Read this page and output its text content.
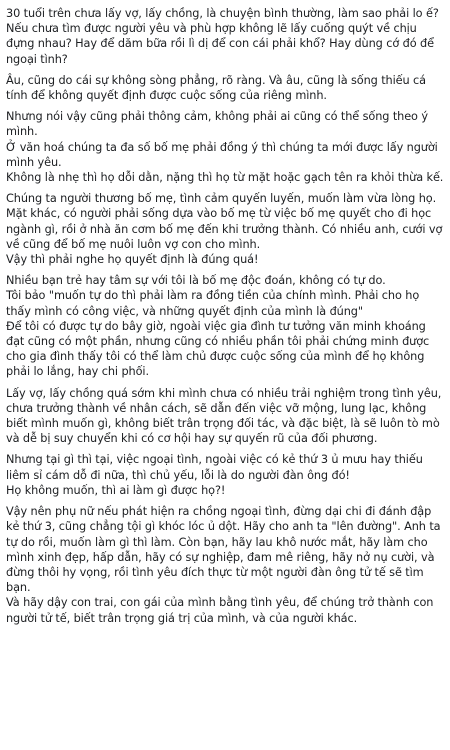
30 tuổi trên chưa lấy vợ, lấy chồng, là chuyện bình thường, làm sao phải lo ế? Nếu chưa tìm được người yêu và phù hợp không lẽ lấy cuống quýt về chịu đựng nhau? Hay để dăm bữa rồi lì dị để con cái phải khổ? Hay dùng cớ đó để ngoại tình?

Âu, cũng do cái sự không sòng phẳng, rõ ràng. Và âu, cũng là sống thiếu cá tính để không quyết định được cuộc sống của riêng mình.

Nhưng nói vậy cũng phải thông cảm, không phải ai cũng có thể sống theo ý mình.
Ở văn hoá chúng ta đa số bố mẹ phải đồng ý thì chúng ta mới được lấy người mình yêu.

Không là nhẹ thì họ dỗi dằn, nặng thì họ từ mặt hoặc gạch tên ra khỏi thừa kế.

Chúng ta người thương bố mẹ, tình cảm quyến luyến, muốn làm vừa lòng họ. Mặt khác, có người phải sống dựa vào bố mẹ từ việc bố mẹ quyết cho đi học ngành gì, rồi ở nhà ăn cơm bố mẹ đến khi trưởng thành. Có nhiều anh, cưới vợ về cũng để bố mẹ nuôi luôn vợ con cho mình.
Vậy thì phải nghe họ quyết định là đúng quá!

Nhiều bạn trẻ hay tâm sự với tôi là bố mẹ độc đoán, không có tự do.
Tôi bảo "muốn tự do thì phải làm ra đồng tiền của chính mình. Phải cho họ thấy mình có công việc, và những quyết định của mình là đúng"
Để tôi có được tự do bây giờ, ngoài việc gia đình tư tưởng văn minh khoáng đạt cũng có một phần, nhưng cũng có nhiều phần tôi phải chứng minh được cho gia đình thấy tôi có thể làm chủ được cuộc sống của mình để họ không phải lo lắng, hay chi phối.

Lấy vợ, lấy chồng quá sớm khi mình chưa có nhiều trải nghiệm trong tình yêu, chưa trưởng thành về nhân cách, sẽ dẫn đến việc vỡ mộng, lung lạc, không biết mình muốn gì, không biết trân trọng đối tác, và đặc biệt, là sẽ luôn tò mò và dễ bị suy chuyển khi có cơ hội hay sự quyến rũ của đối phương.

Nhưng tại gì thì tại, việc ngoại tình, ngoài việc có kẻ thứ 3 ủ mưu hay thiếu liêm sỉ cám dỗ đi nữa, thì chủ yếu, lỗi là do người đàn ông đó!
Họ không muốn, thì ai làm gì được họ?!

Vậy nên phụ nữ nếu phát hiện ra chồng ngoại tình, đừng dại chi đi đánh đập kẻ thứ 3, cũng chẳng tội gì khóc lóc ủ dột. Hãy cho anh ta "lên đường". Anh ta tự do rồi, muốn làm gì thì làm. Còn bạn, hãy lau khô nước mắt, hãy làm cho mình xinh đẹp, hấp dẫn, hãy có sự nghiệp, đam mê riêng, hãy nở nụ cười, và đừng thôi hy vọng, rồi tình yêu đích thực từ một người đàn ông tử tế sẽ tìm bạn.
Và hãy dậy con trai, con gái của mình bằng tình yêu, để chúng trở thành con người tử tế, biết trân trọng giá trị của mình, và của người khác.
